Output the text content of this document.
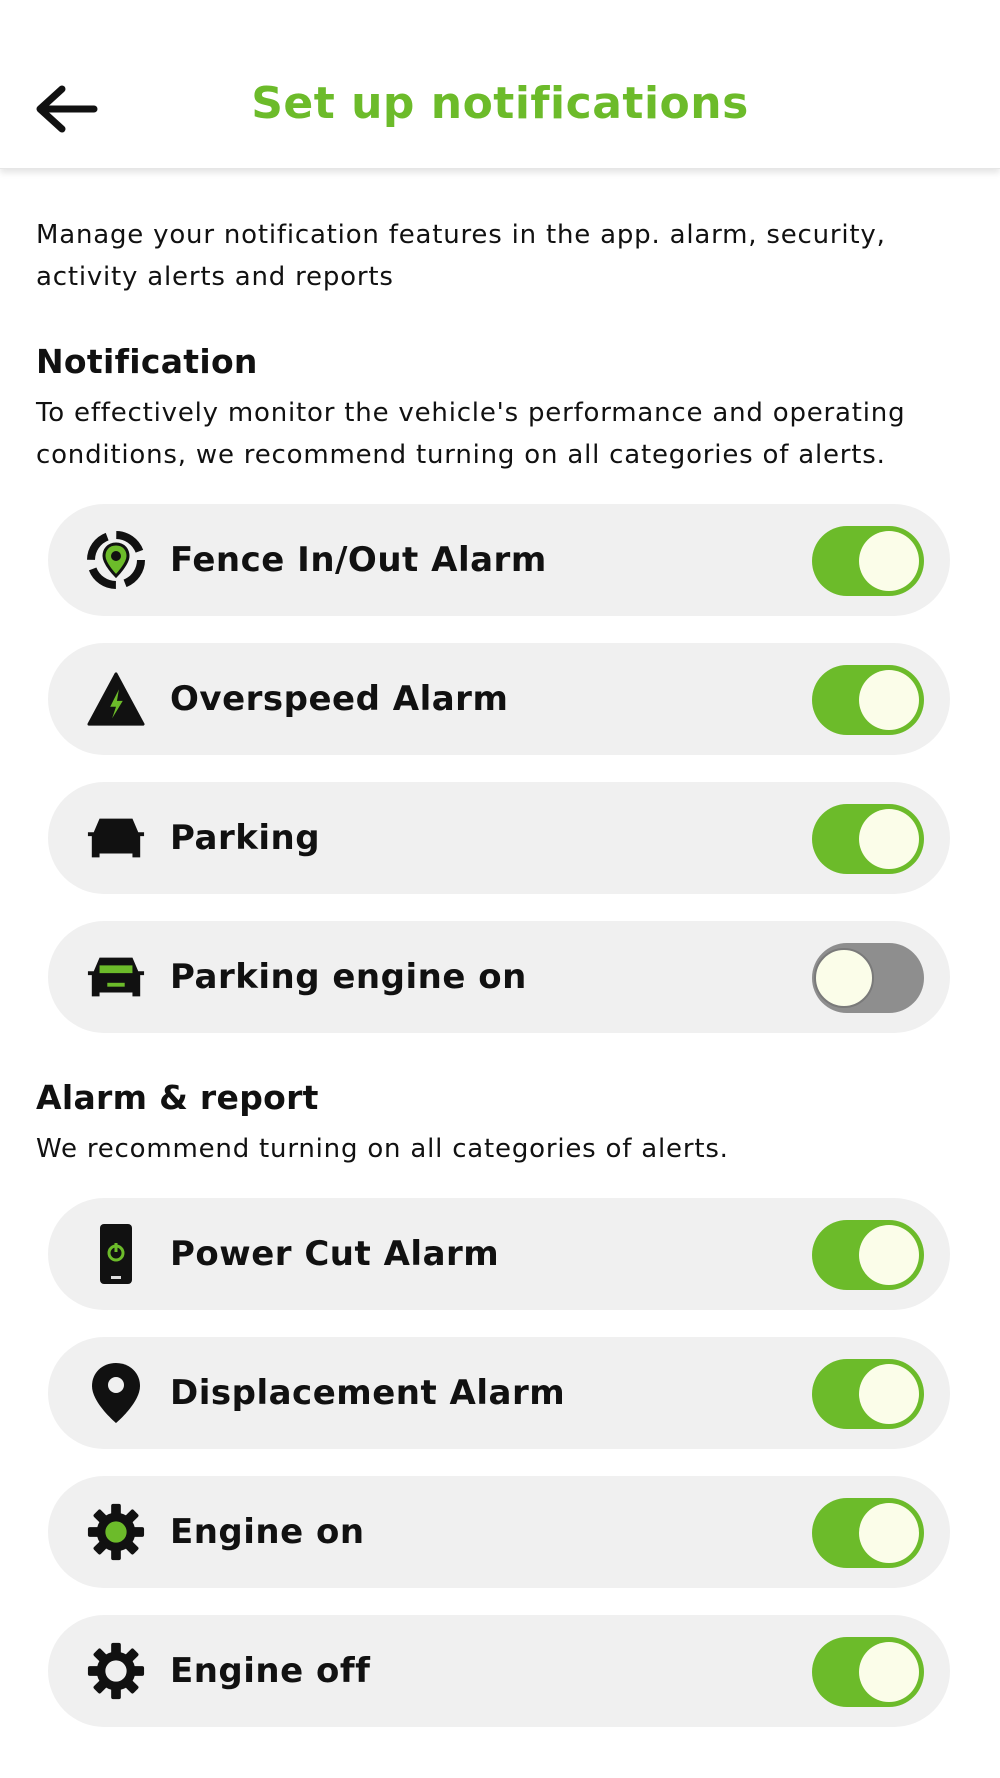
Set up notifications
Manage your notification features in the app. alarm, security, activity alerts and reports
Notification
To effectively monitor the vehicle's performance and operating conditions, we recommend turning on all categories of alerts.
Fence In/Out Alarm
Overspeed Alarm
Parking
Parking engine on
Alarm & report
We recommend turning on all categories of alerts.
Power Cut Alarm
Displacement Alarm
Engine on
Engine off
